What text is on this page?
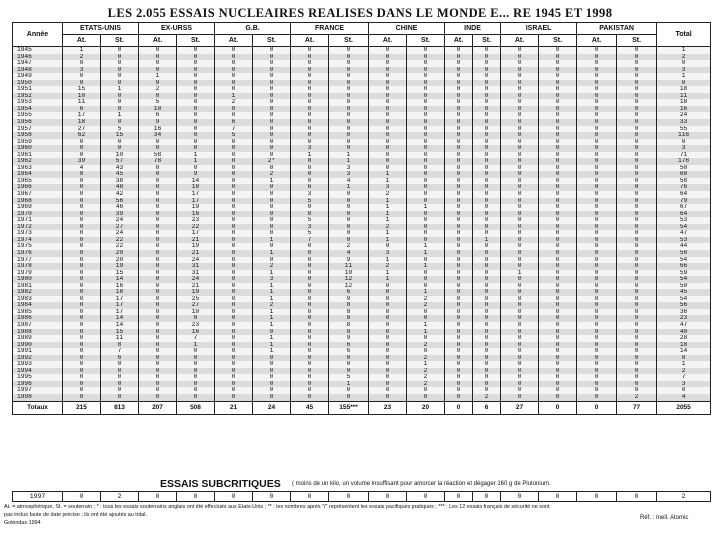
LES 2.055 ESSAIS NUCLEAIRES REALISES DANS LE MONDE E... RE 1945 ET 1998
Année	ETATS-UNIS		EX-URSS		G.B.		FRANCE		CHINE		INDE		ISRAEL		PAKISTAN		Total
	At.	St.	At.	St.	At.	St.	At.	St.	At.	St.	At.	St.	At.	St.	At.	St.	
1945	1	0	0	0	0	0	0	0	0	0	0	0	0	0	0	0	1
1946	2	0	0	0	0	0	0	0	0	0	0	0	0	0	0	0	2
1947	0	0	0	0	0	0	0	0	0	0	0	0	0	0	0	0	0
1948	3	0	0	0	0	0	0	0	0	0	0	0	0	0	0	0	3
1949	0	0	1	0	0	0	0	0	0	0	0	0	0	0	0	0	1
1950	0	0	0	0	0	0	0	0	0	0	0	0	0	0	0	0	0
1951	15	1	2	0	0	0	0	0	0	0	0	0	0	0	0	0	18
1952	10	0	0	0	1	0	0	0	0	0	0	0	0	0	0	0	11
1953	11	0	5	0	2	0	0	0	0	0	0	0	0	0	0	0	18
1954	6	0	10	0	0	0	0	0	0	0	0	0	0	0	0	0	16
1955	17	1	6	0	0	0	0	0	0	0	0	0	0	0	0	0	24
1956	18	0	9	0	6	0	0	0	0	0	0	0	0	0	0	0	33
1957	27	5	16	0	7	0	0	0	0	0	0	0	0	0	0	0	55
1958	62	15	34	0	5	0	0	0	0	0	0	0	0	0	0	0	116
1959	0	0	0	0	0	0	0	0	0	0	0	0	0	0	0	0	0
1960	0	0	0	0	0	0	3	0	0	0	0	0	0	0	0	0	3
1961	0	10	58	1	0	0	1	1	0	0	0	0	0	0	0	0	71
1962	39	57	78	1	0	2*	0	1	0	0	0	0	0	0	0	0	178
1963	4	43	0	0	0	0	0	3	0	0	0	0	0	0	0	0	50
1964	0	45	0	9	0	2	0	3	1	0	0	0	0	0	0	0	60
1965	0	38	0	14	0	1	0	4	1	0	0	0	0	0	0	0	58
1966	0	48	0	18	0	0	6	1	3	0	0	0	0	0	0	0	76
1967	0	42	0	17	0	0	3	0	2	0	0	0	0	0	0	0	64
1968	0	56	0	17	0	0	5	0	1	0	0	0	0	0	0	0	79
1969	0	46	0	19	0	0	0	0	1	1	0	0	0	0	0	0	67
1970	0	39	0	16	0	0	8	0	1	0	0	0	0	0	0	0	64
1971	0	24	0	23	0	0	5	0	1	0	0	0	0	0	0	0	53
1972	0	27	0	22	0	0	3	0	2	0	0	0	0	0	0	0	54
1973	0	24	0	17	0	0	5	0	1	0	0	0	0	0	0	0	47
1974	0	22	0	21	0	1	7	0	1	0	0	1	0	0	0	0	53
1975	0	22	0	19	0	0	0	2	0	1	0	0	0	0	0	0	44
1976	0	20	0	21	0	1	0	4	3	1	0	0	0	0	0	0	50
1977	0	20	0	24	0	0	0	9	1	0	0	0	0	0	0	0	54
1978	0	19	0	31	0	2	0	11	2	1	0	0	0	0	0	0	66
1979	0	15	0	31	0	1	0	10	1	0	0	0	1	0	0	0	59
1980	0	14	0	24	0	3	0	12	1	0	0	0	0	0	0	0	54
1981	0	16	0	21	0	1	0	12	0	0	0	0	0	0	0	0	50
1982	0	18	0	19	0	1	0	6	0	1	0	0	0	0	0	0	45
1983	0	17	0	25	0	1	0	9	0	2	0	0	0	0	0	0	54
1984	0	17	0	27	0	2	0	8	0	2	0	0	0	0	0	0	56
1985	0	17	0	10	0	1	0	8	0	0	0	0	0	0	0	0	36
1986	0	14	0	0	0	1	0	8	0	0	0	0	0	0	0	0	23
1987	0	14	0	23	0	1	0	8	0	1	0	0	0	0	0	0	47
1988	0	15	0	16	0	0	0	8	0	1	0	0	0	0	0	0	40
1989	0	11	0	7	0	1	0	9	0	0	0	0	0	0	0	0	28
1990	0	8	0	1	0	1	0	6	0	2	0	0	0	0	0	0	18
1991	0	7	0	0	0	1	0	6	0	0	0	0	0	0	0	0	14
1992	0	6	0	0	0	0	0	0	0	2	0	0	0	0	0	0	8
1993	0	0	0	0	0	0	0	0	0	1	0	0	0	0	0	0	1
1994	0	0	0	0	0	0	0	0	0	2	0	0	0	0	0	0	2
1995	0	0	0	0	0	0	0	5	0	2	0	0	0	0	0	0	7
1996	0	0	0	0	0	0	0	1	0	2	0	0	0	0	0	0	3
1997	0	0	0	0	0	0	0	0	0	0	0	0	0	0	0	0	0
1998	0	0	0	0	0	0	0	0	0	0	0	2	0	0	0	2	4
Totaux	215	813	207	508	21	24	45	155***	23	20	0	6	27	0	0	77	2055
ESSAIS SUBCRITIQUES ( moins de un kilo, un volume insuffisant pour amorcer la réaction et dégager 160 g de Plutonium.
1997	0	2	0	0	0	0	0	0	0	0	0	0	0	0	0	0	2
At. = atmosphérique, St. = souterrain ; * : tous les essais souterrains anglais ont été effectués aux Etats-Unis ; ** : les nombres après "/" représentent les essais pacifiques pratiques ; *** : Les 12 essais français de sécurité ne sont
pas inclus faute de date précise ; ils ont été ajoutés au total.
Golendas 1994
Réf. : Inell. Atomic
